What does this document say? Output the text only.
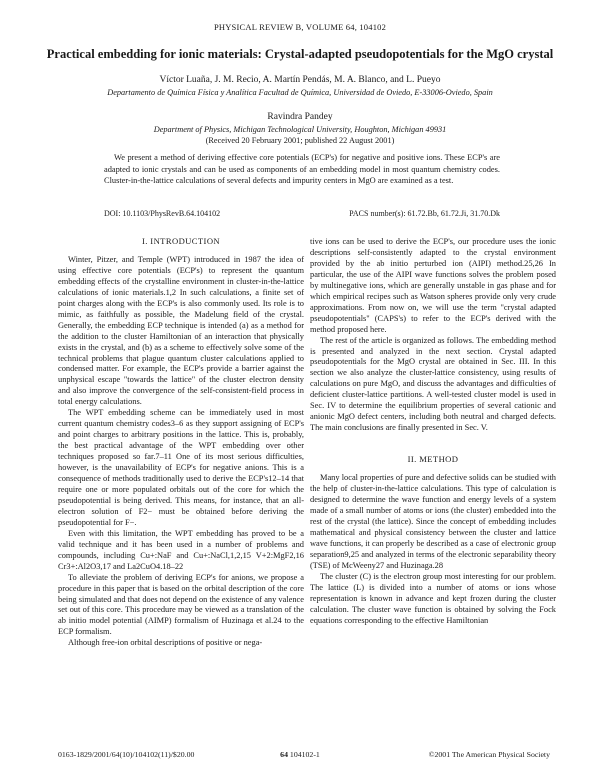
PHYSICAL REVIEW B, VOLUME 64, 104102
Practical embedding for ionic materials: Crystal-adapted pseudopotentials for the MgO crystal
Víctor Luaña, J. M. Recio, A. Martín Pendás, M. A. Blanco, and L. Pueyo
Departamento de Química Física y Analítica Facultad de Química, Universidad de Oviedo, E-33006-Oviedo, Spain
Ravindra Pandey
Department of Physics, Michigan Technological University, Houghton, Michigan 49931
(Received 20 February 2001; published 22 August 2001)
We present a method of deriving effective core potentials (ECP's) for negative and positive ions. These ECP's are adapted to ionic crystals and can be used as components of an embedding model in most quantum chemistry codes. Cluster-in-the-lattice calculations of several defects and impurity centers in MgO are examined as a test.
DOI: 10.1103/PhysRevB.64.104102	PACS number(s): 61.72.Bb, 61.72.Ji, 31.70.Dk
I. INTRODUCTION

Winter, Pitzer, and Temple (WPT) introduced in 1987 the idea of using effective core potentials (ECP's) to represent the quantum embedding effects of the crystalline environment in cluster-in-the-lattice calculations of ionic materials.1,2 In such calculations, a finite set of point charges along with the ECP's is also commonly used. Its role is to mimic, as faithfully as possible, the Madelung field of the crystal. Generally, the embedding ECP technique is intended (a) as a method for the addition to the cluster Hamiltonian of an interaction that physically exists in the crystal, and (b) as a scheme to effectively solve some of the technical problems that plague quantum cluster calculations applied to condensed matter. For example, the ECP's provide a barrier against the unphysical escape "towards the lattice" of the cluster electron density and also improve the convergence of the self-consistent-field process in total energy calculations.

The WPT embedding scheme can be immediately used in most current quantum chemistry codes3–6 as they support assigning of ECP's and point charges to arbitrary positions in the lattice. This is, probably, the best practical advantage of the WPT embedding over other techniques proposed so far.7–11 One of its most serious difficulties, however, is the unavailability of ECP's for negative anions. This is a consequence of methods traditionally used to derive the ECP's12–14 that require one or more populated orbitals out of the core for which the pseudopotential is being derived. This means, for instance, that an all-electron solution of F2− must be obtained before deriving the pseudopotential for F−.

Even with this limitation, the WPT embedding has proved to be a valid technique and it has been used in a number of problems and compounds, including Cu+:NaF and Cu+:NaCl,1,2,15 V+2:MgF2,16 Cr3+:Al2O3,17 and La2CuO4.18–22

To alleviate the problem of deriving ECP's for anions, we propose a procedure in this paper that is based on the orbital description of the core being simulated and that does not depend on the existence of any valence set out of this core. This procedure may be viewed as a translation of the ab initio model potential (AIMP) formalism of Huzinaga et al.24 to the ECP formalism.

Although free-ion orbital descriptions of positive or nega-

tive ions can be used to derive the ECP's, our procedure uses the ionic descriptions self-consistently adapted to the crystal environment provided by the ab initio perturbed ion (AIPI) method.25,26 In particular, the use of the AIPI wave functions solves the problem posed by multinegative ions, which are generally unstable in gas phase and for which empirical recipes such as Watson spheres provide only very crude approximations. From now on, we will use the term "crystal adapted pseudopotentials" (CAPS's) to refer to the ECP's derived with the method proposed here.

The rest of the article is organized as follows. The embedding method is presented and analyzed in the next section. Crystal adapted pseudopotentials for the MgO crystal are obtained in Sec. III. In this section we also analyze the cluster-lattice consistency, using results of calculations on pure MgO, and discuss the advantages and difficulties of deficient cluster-lattice partitions. A well-tested cluster model is used in Sec. IV to determine the equilibrium properties of several cationic and anionic MgO defect centers, including both neutral and charged defects. The main conclusions are finally presented in Sec. V.

II. METHOD

Many local properties of pure and defective solids can be studied with the help of cluster-in-the-lattice calculations. This type of calculation is designed to determine the wave function and energy levels of a system made of a small number of atoms or ions (the cluster) embedded into the rest of the crystal (the lattice). Since the concept of embedding includes mathematical and physical consistency between the cluster and lattice wave functions, it can properly be described as a case of electronic group separation9,25 and analyzed in terms of the electronic separability theory (TSE) of McWeeny27 and Huzinaga.28

The cluster (C) is the electron group most interesting for our problem. The lattice (L) is divided into a number of atoms or ions whose representation is known in advance and kept frozen during the cluster calculation. The cluster wave function is obtained by solving the Fock equations corresponding to the effective Hamiltonian

0163-1829/2001/64(10)/104102(11)/$20.00	64 104102-1	©2001 The American Physical Society
